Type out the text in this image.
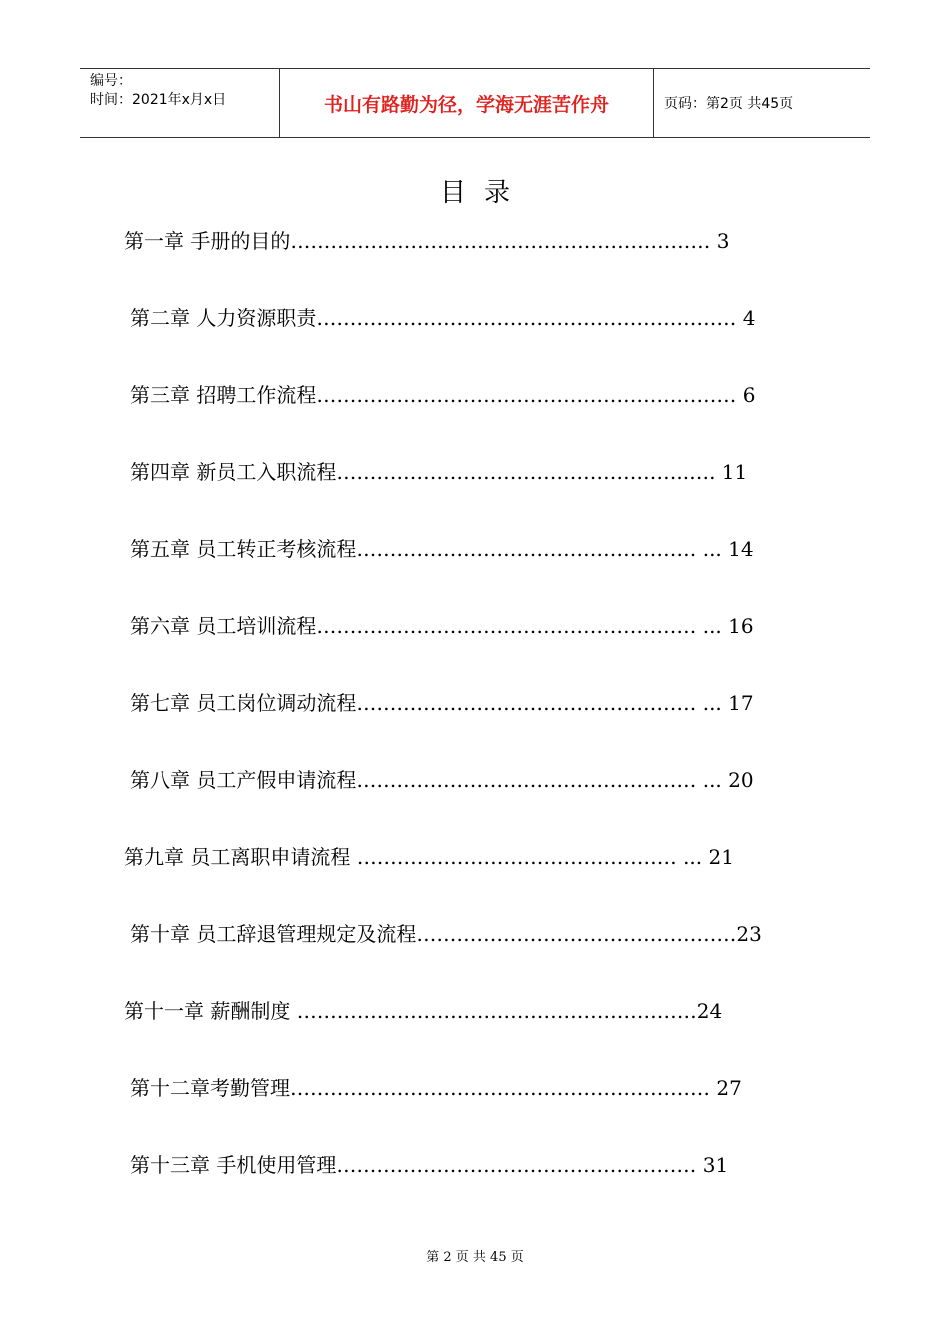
编号：
时间：2021年x月x日	书山有路勤为径，学海无涯苦作舟	页码：第2页 共45页
目录
第一章 手册的目的……………………………………………………… 3
第二章 人力资源职责……………………………………………………… 4
第三章 招聘工作流程……………………………………………………… 6
第四章 新员工入职流程……………………………………………..…. 11
第五章 员工转正考核流程…………………………………………… ... 14
第六章 员工培训流程………………………………………………… ... 16
第七章 员工岗位调动流程…………………………………………… ... 17
第八章 员工产假申请流程…………………………………………… ... 20
第九章 员工离职申请流程 ………………………………………… ... 21
第十章 员工辞退管理规定及流程…………………………………………23
第十一章 薪酬制度 ……………………………………………………24
第十二章考勤管理……………………………………………………… 27
第十三章 手机使用管理……………………………………………… 31
第 2 页 共 45 页
